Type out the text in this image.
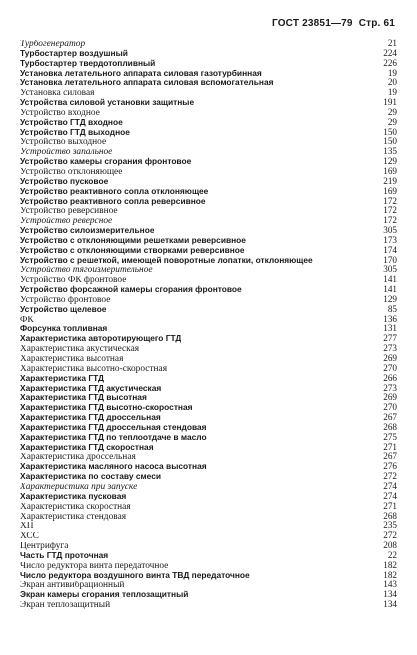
ГОСТ 23851—79 Стр. 61
Турбогенератор	21
Турбостартер воздушный	224
Турбостартер твердотопливный	226
Установка летательного аппарата силовая газотурбинная	19
Установка летательного аппарата силовая вспомогательная	20
Установка силовая	19
Устройства силовой установки защитные	191
Устройство входное	29
Устройство ГТД входное	29
Устройство ГТД выходное	150
Устройство выходное	150
Устройство запальное	135
Устройство камеры сгорания фронтовое	129
Устройство отклоняющее	169
Устройство пусковое	219
Устройство реактивного сопла отклоняющее	169
Устройство реактивного сопла реверсивное	172
Устройство реверсивное	172
Устройство реверсное	172
Устройство силоизмерительное	305
Устройство с отклоняющими решетками реверсивное	173
Устройство с отклоняющими створками реверсивное	174
Устройство с решеткой, имеющей поворотные лопатки, отклоняющее	170
Устройство тягоизмерительное	305
Устройство ФК фронтовое	141
Устройство форсажной камеры сгорания фронтовое	141
Устройство фронтовое	129
Устройство щелевое	85
ФК	136
Форсунка топливная	131
Характеристика авторотирующего ГТД	277
Характеристика акустическая	273
Характеристика высотная	269
Характеристика высотно-скоростная	270
Характеристика ГТД	266
Характеристика ГТД акустическая	273
Характеристика ГТД высотная	269
Характеристика ГТД высотно-скоростная	270
Характеристика ГТД дроссельная	267
Характеристика ГТД дроссельная стендовая	268
Характеристика ГТД по теплоотдаче в масло	275
Характеристика ГТД скоростная	271
Характеристика дроссельная	267
Характеристика масляного насоса высотная	276
Характеристика по составу смеси	272
Характеристика при запуске	274
Характеристика пусковая	274
Характеристика скоростная	271
Характеристика стендовая	268
ХП	235
ХСС	272
Центрифуга	208
Часть ГТД проточная	22
Число редуктора винта передаточное	182
Число редуктора воздушного винта ТВД передаточное	182
Экран антивибрационный	143
Экран камеры сгорания теплозащитный	134
Экран теплозащитный	134
